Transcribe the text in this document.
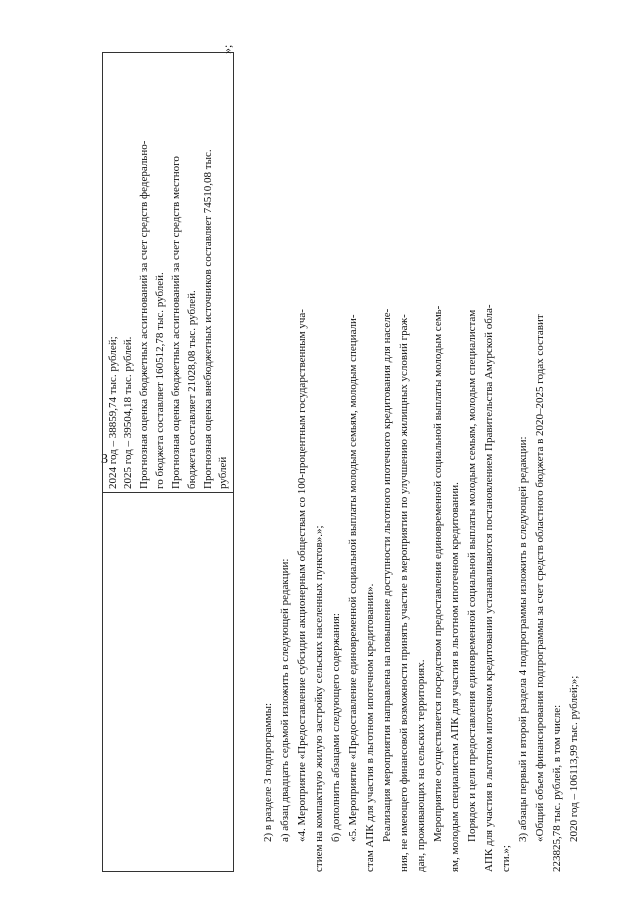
3 2024 год – 38859,74 тыс. рублей; 2025 год – 39504,18 тыс. рублей. Прогнозная оценка бюджетных ассигнований за счет средств федерально- го бюджета составляет 160512,78 тыс. рублей. Прогнозная оценка бюджетных ассигнований за счет средств местного бюджета составляет 21028,08 тыс. рублей. Прогнозная оценка внебюджетных источников составляет 74510,08 тыс. рублей
»;
2) в разделе 3 подпрограммы: а) абзац двадцать седьмой изложить в следующей редакции: «4. Мероприятие «Предоставление субсидии акционерным обществам со 100-процентным государственным уча- стием на компактную жилую застройку сельских населенных пунктов».»; б) дополнить абзацами следующего содержания: «5. Мероприятие «Предоставление единовременной социальной выплаты молодым семьям, молодым специали- стам АПК для участия в льготном ипотечном кредитовании». Реализация мероприятия направлена на повышение доступности льготного ипотечного кредитования для населе- ния, не имеющего финансовой возможности принять участие в мероприятии по улучшению жилищных условий граж- дан, проживающих на сельских территориях. Мероприятие осуществляется посредством предоставления единовременной социальной выплаты молодым семь- ям, молодым специалистам АПК для участия в льготном ипотечном кредитовании. Порядок и цели предоставления единовременной социальной выплаты молодым семьям, молодым специалистам АПК для участия в льготном ипотечном кредитовании устанавливаются постановлением Правительства Амурской обла- сти.»;
3) абзацы первый и второй раздела 4 подпрограммы изложить в следующей редакции: «Общий объем финансирования подпрограммы за счет средств областного бюджета в 2020–2025 годах составит 223825,78 тыс. рублей, в том числе: 2020 год – 106113,99 тыс. рублей;»;
